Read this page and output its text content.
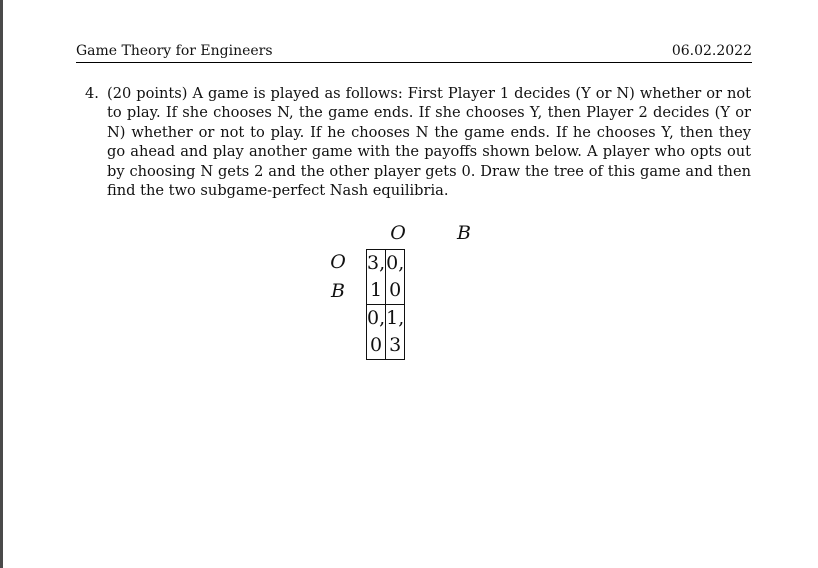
Game Theory for Engineers	06.02.2022
4. (20 points) A game is played as follows: First Player 1 decides (Y or N) whether or not to play. If she chooses N, the game ends. If she chooses Y, then Player 2 decides (Y or N) whether or not to play. If he chooses N the game ends. If he chooses Y, then they go ahead and play another game with the payoffs shown below. A player who opts out by choosing N gets 2 and the other player gets 0. Draw the tree of this game and then find the two subgame-perfect Nash equilibria.
O	B
O
B
3, 1	0, 0
0, 0	1, 3
